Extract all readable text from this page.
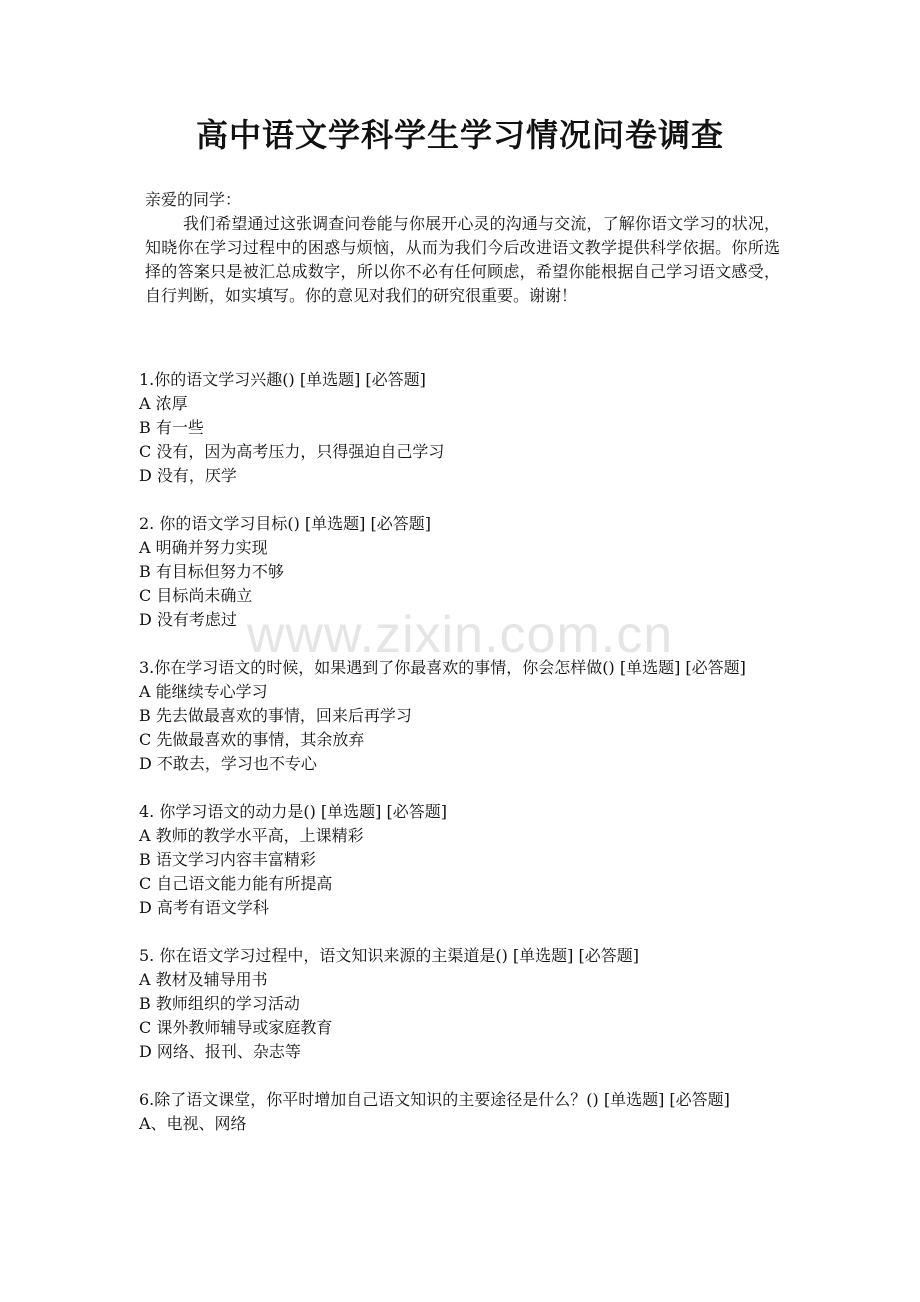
高中语文学科学生学习情况问卷调查

亲爱的同学：

我们希望通过这张调查问卷能与你展开心灵的沟通与交流，了解你语文学习的状况，知晓你在学习过程中的困惑与烦恼，从而为我们今后改进语文教学提供科学依据。你所选择的答案只是被汇总成数字，所以你不必有任何顾虑，希望你能根据自己学习语文感受，自行判断，如实填写。你的意见对我们的研究很重要。谢谢！

1.你的语文学习兴趣() [单选题] [必答题]

A 浓厚

B 有一些

C 没有，因为高考压力，只得强迫自己学习

D 没有，厌学

2. 你的语文学习目标() [单选题] [必答题]

A 明确并努力实现

B 有目标但努力不够

C 目标尚未确立

D 没有考虑过

3.你在学习语文的时候，如果遇到了你最喜欢的事情，你会怎样做() [单选题] [必答题]

A 能继续专心学习

B 先去做最喜欢的事情，回来后再学习

C 先做最喜欢的事情，其余放弃

D 不敢去，学习也不专心

4. 你学习语文的动力是() [单选题] [必答题]

A 教师的教学水平高，上课精彩

B 语文学习内容丰富精彩

C 自己语文能力能有所提高

D 高考有语文学科

5. 你在语文学习过程中，语文知识来源的主渠道是() [单选题] [必答题]

A 教材及辅导用书

B 教师组织的学习活动

C 课外教师辅导或家庭教育

D 网络、报刊、杂志等

6.除了语文课堂，你平时增加自己语文知识的主要途径是什么？() [单选题] [必答题]

A、电视、网络

www.zixin.com.cn
